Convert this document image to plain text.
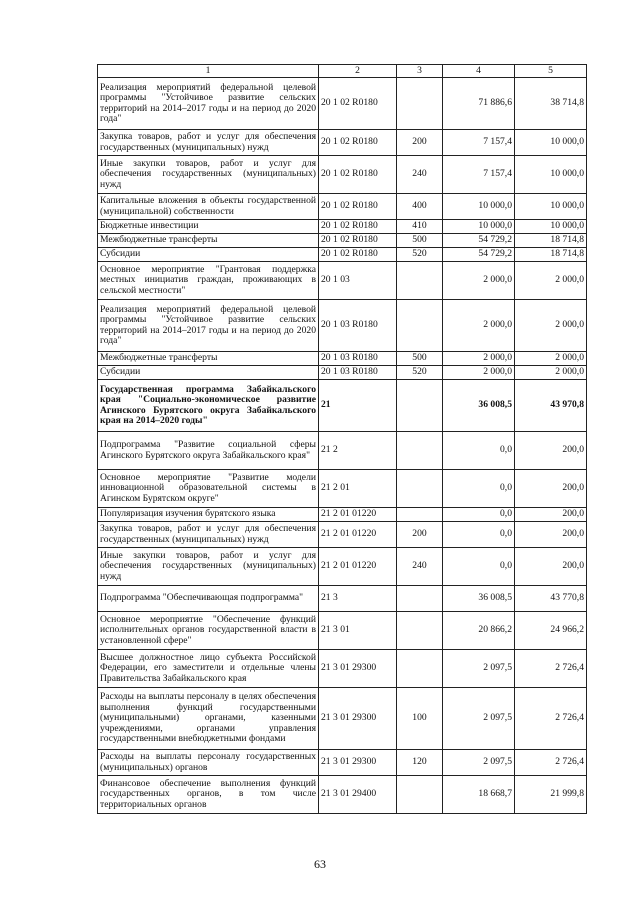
1	2	3	4	5
Реализация мероприятий федеральной целевой программы "Устойчивое развитие сельских территорий на 2014–2017 годы и на период до 2020 года"	20 1 02 R0180		71 886,6	38 714,8
Закупка товаров, работ и услуг для обеспечения государственных (муниципальных) нужд	20 1 02 R0180	200	7 157,4	10 000,0
Иные закупки товаров, работ и услуг для обеспечения государственных (муниципальных) нужд	20 1 02 R0180	240	7 157,4	10 000,0
Капитальные вложения в объекты государственной (муниципальной) собственности	20 1 02 R0180	400	10 000,0	10 000,0
Бюджетные инвестиции	20 1 02 R0180	410	10 000,0	10 000,0
Межбюджетные трансферты	20 1 02 R0180	500	54 729,2	18 714,8
Субсидии	20 1 02 R0180	520	54 729,2	18 714,8
Основное мероприятие "Грантовая поддержка местных инициатив граждан, проживающих в сельской местности"	20 1 03		2 000,0	2 000,0
Реализация мероприятий федеральной целевой программы "Устойчивое развитие сельских территорий на 2014–2017 годы и на период до 2020 года"	20 1 03 R0180		2 000,0	2 000,0
Межбюджетные трансферты	20 1 03 R0180	500	2 000,0	2 000,0
Субсидии	20 1 03 R0180	520	2 000,0	2 000,0
Государственная программа Забайкальского края "Социально-экономическое развитие Агинского Бурятского округа Забайкальского края на 2014–2020 годы"	21		36 008,5	43 970,8
Подпрограмма "Развитие социальной сферы Агинского Бурятского округа Забайкальского края"	21 2		0,0	200,0
Основное мероприятие "Развитие модели инновационной образовательной системы в Агинском Бурятском округе"	21 2 01		0,0	200,0
Популяризация изучения бурятского языка	21 2 01 01220		0,0	200,0
Закупка товаров, работ и услуг для обеспечения государственных (муниципальных) нужд	21 2 01 01220	200	0,0	200,0
Иные закупки товаров, работ и услуг для обеспечения государственных (муниципальных) нужд	21 2 01 01220	240	0,0	200,0
Подпрограмма "Обеспечивающая подпрограмма"	21 3		36 008,5	43 770,8
Основное мероприятие "Обеспечение функций исполнительных органов государственной власти в установленной сфере"	21 3 01		20 866,2	24 966,2
Высшее должностное лицо субъекта Российской Федерации, его заместители и отдельные члены Правительства Забайкальского края	21 3 01 29300		2 097,5	2 726,4
Расходы на выплаты персоналу в целях обеспечения выполнения функций государственными (муниципальными) органами, казенными учреждениями, органами управления государственными внебюджетными фондами	21 3 01 29300	100	2 097,5	2 726,4
Расходы на выплаты персоналу государственных (муниципальных) органов	21 3 01 29300	120	2 097,5	2 726,4
Финансовое обеспечение выполнения функций государственных органов, в том числе территориальных органов	21 3 01 29400		18 668,7	21 999,8
63
